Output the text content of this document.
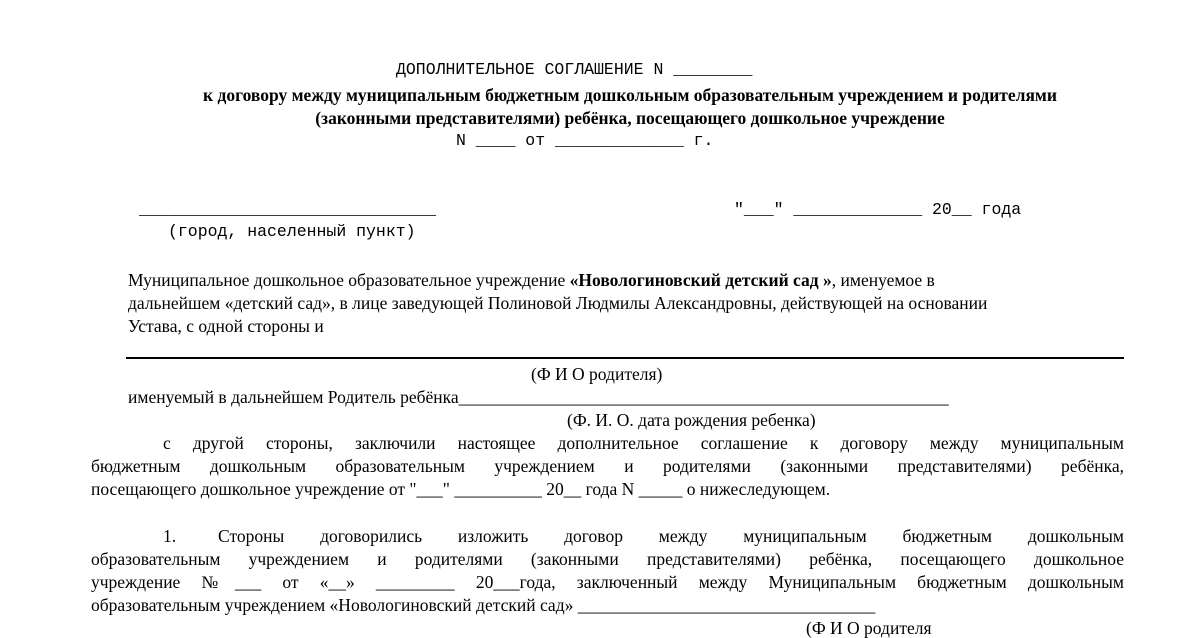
ДОПОЛНИТЕЛЬНОЕ СОГЛАШЕНИЕ N ________
к договору между муниципальным бюджетным дошкольным образовательным учреждением и родителями
(законными представителями) ребёнка, посещающего дошкольное учреждение
N ____ от _____________ г.
______________________________
(город, населенный пункт)
"___" _____________ 20__ года
Муниципальное дошкольное образовательное учреждение «Новологиновский детский сад », именуемое в
дальнейшем «детский сад», в лице заведующей Полиновой Людмилы Александровны, действующей на основании
Устава, с одной стороны и
(Ф И О родителя)
именуемый в дальнейшем Родитель ребёнка________________________________________________________
(Ф. И. О. дата рождения ребенка)
с другой стороны, заключили настоящее дополнительное соглашение к договору между муниципальным
бюджетным дошкольным образовательным учреждением и родителями (законными представителями) ребёнка,
посещающего дошкольное учреждение от "___" __________ 20__ года N _____ о нижеследующем.
1. Стороны договорились изложить договор между муниципальным бюджетным дошкольным
образовательным учреждением и родителями (законными представителями) ребёнка, посещающего дошкольное
учреждение №___ от «__» _________ 20___года, заключенный между Муниципальным бюджетным дошкольным
образовательным учреждением «Новологиновский детский сад» __________________________________
(Ф И О родителя
